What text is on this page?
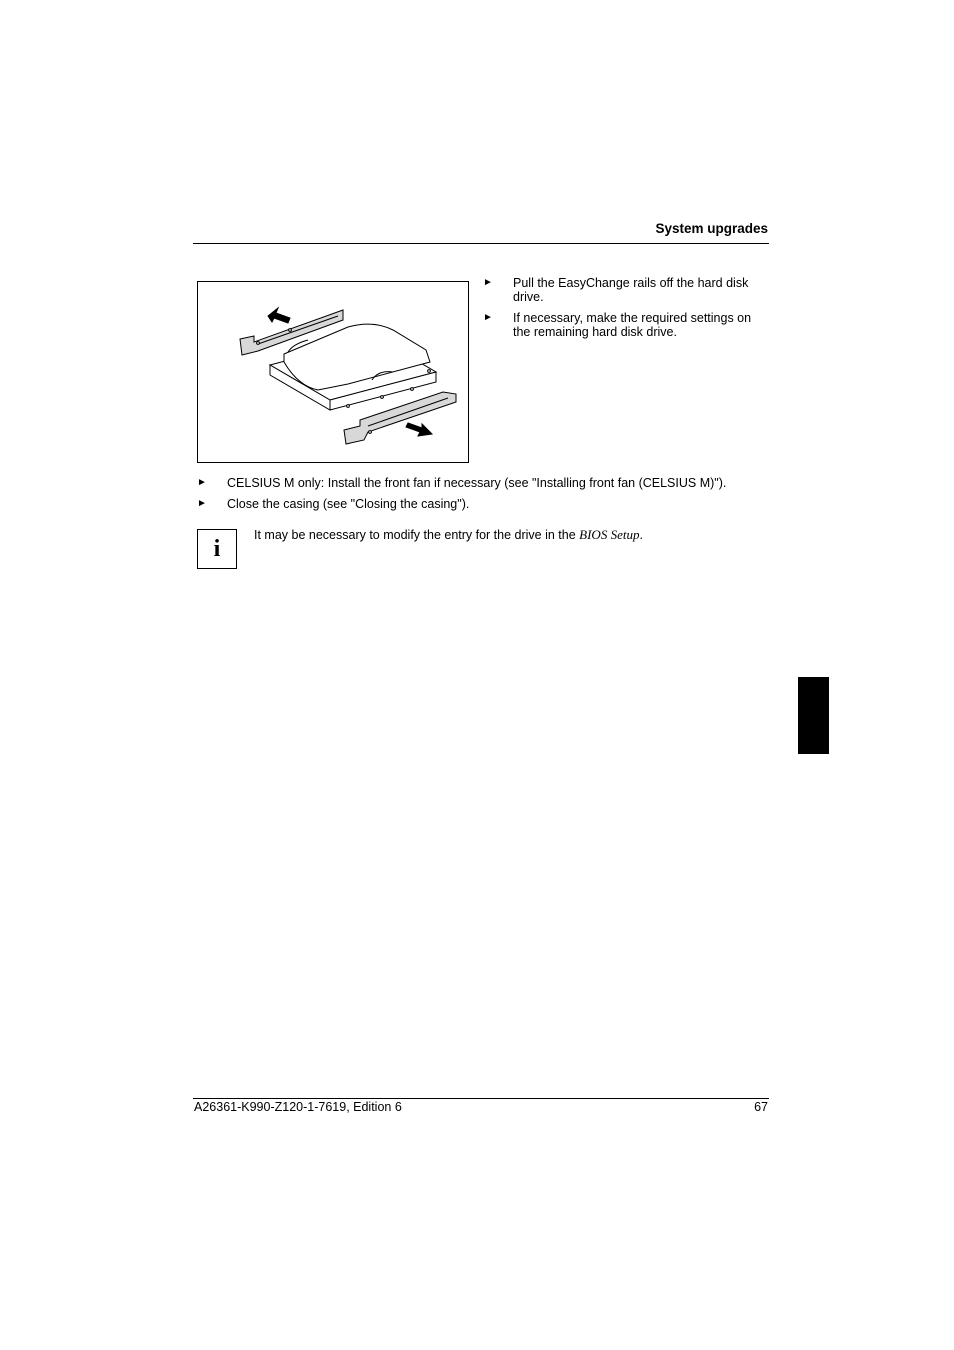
System upgrades
► Pull the EasyChange rails off the hard disk drive.
► If necessary, make the required settings on the remaining hard disk drive.
► CELSIUS M only: Install the front fan if necessary (see "Installing front fan (CELSIUS M)").
► Close the casing (see "Closing the casing").
i
It may be necessary to modify the entry for the drive in the BIOS Setup.
A26361-K990-Z120-1-7619, Edition 6	67
